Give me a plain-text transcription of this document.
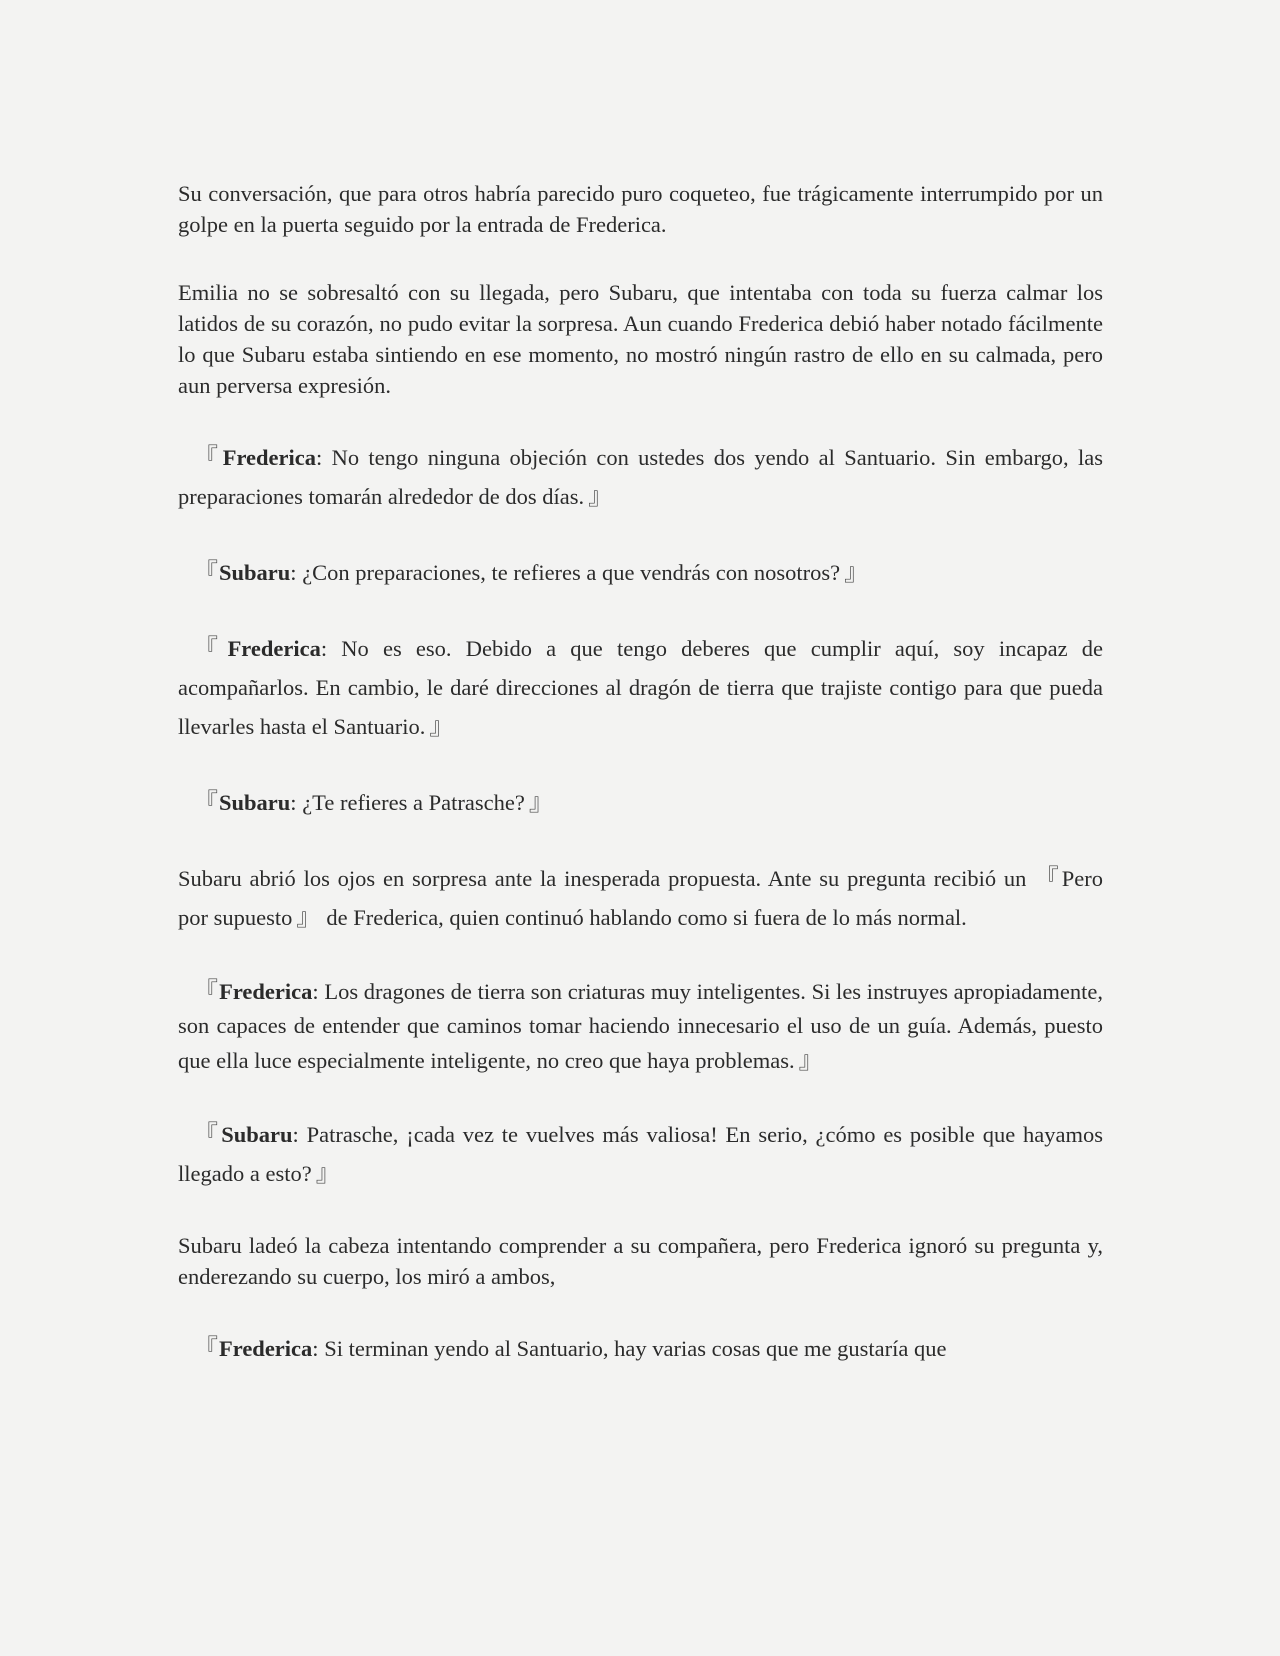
Su conversación, que para otros habría parecido puro coqueteo, fue trágicamente interrumpido por un golpe en la puerta seguido por la entrada de Frederica.

Emilia no se sobresaltó con su llegada, pero Subaru, que intentaba con toda su fuerza calmar los latidos de su corazón, no pudo evitar la sorpresa. Aun cuando Frederica debió haber notado fácilmente lo que Subaru estaba sintiendo en ese momento, no mostró ningún rastro de ello en su calmada, pero aun perversa expresión.

『Frederica: No tengo ninguna objeción con ustedes dos yendo al Santuario. Sin embargo, las preparaciones tomarán alrededor de dos días. 』

『Subaru: ¿Con preparaciones, te refieres a que vendrás con nosotros? 』

『Frederica: No es eso. Debido a que tengo deberes que cumplir aquí, soy incapaz de acompañarlos. En cambio, le daré direcciones al dragón de tierra que trajiste contigo para que pueda llevarles hasta el Santuario. 』

『Subaru: ¿Te refieres a Patrasche? 』

Subaru abrió los ojos en sorpresa ante la inesperada propuesta. Ante su pregunta recibió un 『Pero por supuesto 』 de Frederica, quien continuó hablando como si fuera de lo más normal.

『Frederica: Los dragones de tierra son criaturas muy inteligentes. Si les instruyes apropiadamente, son capaces de entender que caminos tomar haciendo innecesario el uso de un guía. Además, puesto que ella luce especialmente inteligente, no creo que haya problemas. 』

『Subaru: Patrasche, ¡cada vez te vuelves más valiosa! En serio, ¿cómo es posible que hayamos llegado a esto? 』

Subaru ladeó la cabeza intentando comprender a su compañera, pero Frederica ignoró su pregunta y, enderezando su cuerpo, los miró a ambos,

『Frederica: Si terminan yendo al Santuario, hay varias cosas que me gustaría que
